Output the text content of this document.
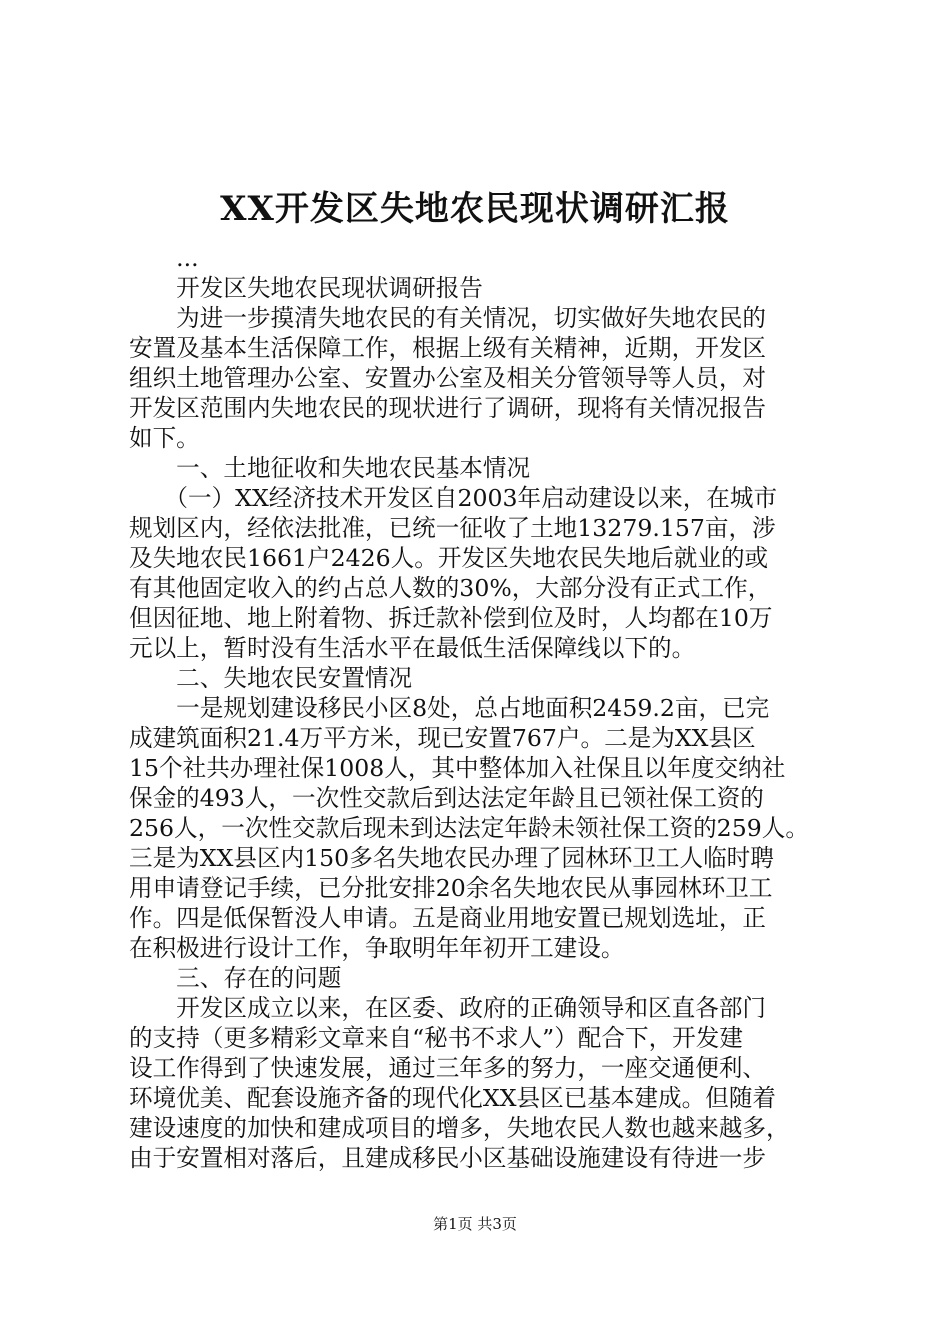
XX开发区失地农民现状调研汇报
　　...
　　开发区失地农民现状调研报告
　　为进一步摸清失地农民的有关情况，切实做好失地农民的
安置及基本生活保障工作，根据上级有关精神，近期，开发区
组织土地管理办公室、安置办公室及相关分管领导等人员，对
开发区范围内失地农民的现状进行了调研，现将有关情况报告
如下。
　　一、土地征收和失地农民基本情况
　　（一）XX经济技术开发区自2003年启动建设以来，在城市
规划区内，经依法批准，已统一征收了土地13279.157亩，涉
及失地农民1661户2426人。开发区失地农民失地后就业的或
有其他固定收入的约占总人数的30%，大部分没有正式工作，
但因征地、地上附着物、拆迁款补偿到位及时，人均都在10万
元以上，暂时没有生活水平在最低生活保障线以下的。
　　二、失地农民安置情况
　　一是规划建设移民小区8处，总占地面积2459.2亩，已完
成建筑面积21.4万平方米，现已安置767户。二是为XX县区
15个社共办理社保1008人，其中整体加入社保且以年度交纳社
保金的493人，一次性交款后到达法定年龄且已领社保工资的
256人，一次性交款后现未到达法定年龄未领社保工资的259人。
三是为XX县区内150多名失地农民办理了园林环卫工人临时聘
用申请登记手续，已分批安排20余名失地农民从事园林环卫工
作。四是低保暂没人申请。五是商业用地安置已规划选址，正
在积极进行设计工作，争取明年年初开工建设。
　　三、存在的问题
　　开发区成立以来，在区委、政府的正确领导和区直各部门
的支持（更多精彩文章来自“秘书不求人”）配合下，开发建
设工作得到了快速发展，通过三年多的努力，一座交通便利、
环境优美、配套设施齐备的现代化XX县区已基本建成。但随着
建设速度的加快和建成项目的增多，失地农民人数也越来越多，
由于安置相对落后，且建成移民小区基础设施建设有待进一步
第1页 共3页
